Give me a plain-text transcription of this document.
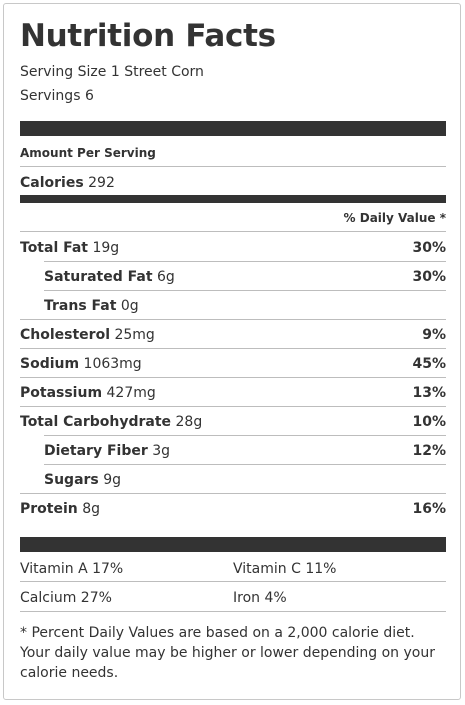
Nutrition Facts
Serving Size 1 Street Corn
Servings 6
Amount Per Serving
Calories 292
% Daily Value *
Total Fat 19g	30%
Saturated Fat 6g	30%
Trans Fat 0g
Cholesterol 25mg	9%
Sodium 1063mg	45%
Potassium 427mg	13%
Total Carbohydrate 28g	10%
Dietary Fiber 3g	12%
Sugars 9g
Protein 8g	16%
Vitamin A 17%	Vitamin C 11%
Calcium 27%	Iron 4%
* Percent Daily Values are based on a 2,000 calorie diet. Your daily value may be higher or lower depending on your calorie needs.
